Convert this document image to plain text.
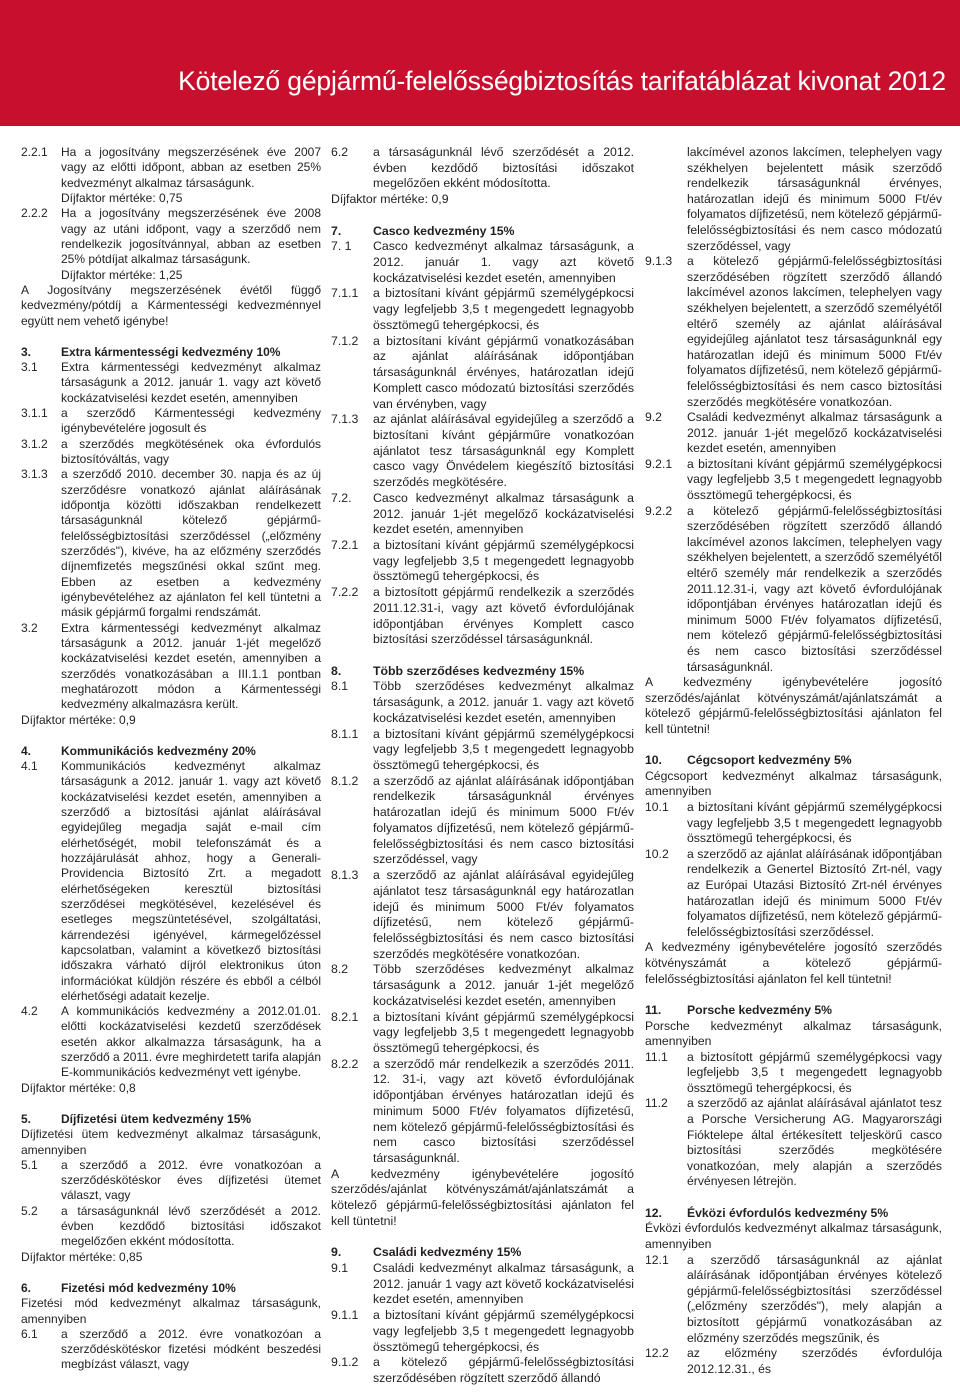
Kötelező gépjármű-felelősségbiztosítás tarifatáblázat kivonat 2012
2.2.1	Ha a jogosítvány megszerzésének éve 2007 vagy az előtti időpont, abban az esetben 25% kedvezményt alkalmaz társaságunk.
Díjfaktor mértéke: 0,75
2.2.2	Ha a jogosítvány megszerzésének éve 2008 vagy az utáni időpont, vagy a szerződő nem rendelkezik jogosítvánnyal, abban az esetben 25% pótdíjat alkalmaz társaságunk.
Díjfaktor mértéke: 1,25
A Jogosítvány megszerzésének évétől függő kedvezmény/pótdíj a Kármentességi kedvezménnyel együtt nem vehető igénybe!
3.	Extra kármentességi kedvezmény 10%
3.1	Extra kármentességi kedvezményt alkalmaz társaságunk a 2012. január 1. vagy azt követő kockázatviselési kezdet esetén, amennyiben
3.1.1	a szerződő Kármentességi kedvezmény igénybevételére jogosult és
3.1.2	a szerződés megkötésének oka évfordulós biztosítóváltás, vagy
3.1.3	a szerződő 2010. december 30. napja és az új szerződésre vonatkozó ajánlat aláírásának időpontja közötti időszakban rendelkezett társaságunknál kötelező gépjármű-felelősségbiztosítási szerződéssel („előzmény szerződés"), kivéve, ha az előzmény szerződés díjnemfizetés megszűnési okkal szűnt meg. Ebben az esetben a kedvezmény igénybevételéhez az ajánlaton fel kell tüntetni a másik gépjármű forgalmi rendszámát.
3.2	Extra kármentességi kedvezményt alkalmaz társaságunk a 2012. január 1-jét megelőző kockázatviselési kezdet esetén, amennyiben a szerződés vonatkozásában a III.1.1 pontban meghatározott módon a Kármentességi kedvezmény alkalmazásra került.
Díjfaktor mértéke: 0,9
4.	Kommunikációs kedvezmény 20%
4.1	Kommunikációs kedvezményt alkalmaz társaságunk a 2012. január 1. vagy azt követő kockázatviselési kezdet esetén, amennyiben a szerződő a biztosítási ajánlat aláírásával egyidejűleg megadja saját e-mail cím elérhetőségét, mobil telefonszámát és a hozzájárulását ahhoz, hogy a Generali-Providencia Biztosító Zrt. a megadott elérhetőségeken keresztül biztosítási szerződései megkötésével, kezelésével és esetleges megszüntetésével, szolgáltatási, kárrendezési igényével, kármegelőzéssel kapcsolatban, valamint a következő biztosítási időszakra várható díjról elektronikus úton információkat küldjön részére és ebből a célból elérhetőségi adatait kezelje.
4.2	A kommunikációs kedvezmény a 2012.01.01. előtti kockázatviselési kezdetű szerződések esetén akkor alkalmazza társaságunk, ha a szerződő a 2011. évre meghirdetett tarifa alapján E-kommunikációs kedvezményt vett igénybe.
Díjfaktor mértéke: 0,8
5.	Díjfizetési ütem kedvezmény 15%
Díjfizetési ütem kedvezményt alkalmaz társaságunk, amennyiben
5.1	a szerződő a 2012. évre vonatkozóan a szerződéskötéskor éves díjfizetési ütemet választ, vagy
5.2	a társaságunknál lévő szerződését a 2012. évben kezdődő biztosítási időszakot megelőzően ekként módosította.
Díjfaktor mértéke: 0,85
6.	Fizetési mód kedvezmény 10%
Fizetési mód kedvezményt alkalmaz társaságunk, amennyiben
6.1	a szerződő a 2012. évre vonatkozóan a szerződéskötéskor fizetési módként beszedési megbízást választ, vagy
6.2	a társaságunknál lévő szerződését a 2012. évben kezdődő biztosítási időszakot megelőzően ekként módosította.
Díjfaktor mértéke: 0,9
7.	Casco kedvezmény 15%
7. 1	Casco kedvezményt alkalmaz társaságunk, a 2012. január 1. vagy azt követő kockázatviselési kezdet esetén, amennyiben
7.1.1	a biztosítani kívánt gépjármű személygépkocsi vagy legfeljebb 3,5 t megengedett legnagyobb össztömegű tehergépkocsi, és
7.1.2	a biztosítani kívánt gépjármű vonatkozásában az ajánlat aláírásának időpontjában társaságunknál érvényes, határozatlan idejű Komplett casco módozatú biztosítási szerződés van érvényben, vagy
7.1.3	az ajánlat aláírásával egyidejűleg a szerződő a biztosítani kívánt gépjárműre vonatkozóan ajánlatot tesz társaságunknál egy Komplett casco vagy Önvédelem kiegészítő biztosítási szerződés megkötésére.
7.2.	Casco kedvezményt alkalmaz társaságunk a 2012. január 1-jét megelőző kockázatviselési kezdet esetén, amennyiben
7.2.1	a biztosítani kívánt gépjármű személygépkocsi vagy legfeljebb 3,5 t megengedett legnagyobb össztömegű tehergépkocsi, és
7.2.2	a biztosított gépjármű rendelkezik a szerződés 2011.12.31-i, vagy azt követő évfordulójának időpontjában érvényes Komplett casco biztosítási szerződéssel társaságunknál.
8.	Több szerződéses kedvezmény 15%
8.1	Több szerződéses kedvezményt alkalmaz társaságunk, a 2012. január 1. vagy azt követő kockázatviselési kezdet esetén, amennyiben
8.1.1	a biztosítani kívánt gépjármű személygépkocsi vagy legfeljebb 3,5 t megengedett legnagyobb össztömegű tehergépkocsi, és
8.1.2	a szerződő az ajánlat aláírásának időpontjában rendelkezik társaságunknál érvényes határozatlan idejű és minimum 5000 Ft/év folyamatos díjfizetésű, nem kötelező gépjármű-felelősségbiztosítási és nem casco biztosítási szerződéssel, vagy
8.1.3	a szerződő az ajánlat aláírásával egyidejűleg ajánlatot tesz társaságunknál egy határozatlan idejű és minimum 5000 Ft/év folyamatos díjfizetésű, nem kötelező gépjármű-felelősségbiztosítási és nem casco biztosítási szerződés megkötésére vonatkozóan.
8.2	Több szerződéses kedvezményt alkalmaz társaságunk a 2012. január 1-jét megelőző kockázatviselési kezdet esetén, amennyiben
8.2.1	a biztosítani kívánt gépjármű személygépkocsi vagy legfeljebb 3,5 t megengedett legnagyobb össztömegű tehergépkocsi, és
8.2.2	a szerződő már rendelkezik a szerződés 2011. 12. 31-i, vagy azt követő évfordulójának időpontjában érvényes határozatlan idejű és minimum 5000 Ft/év folyamatos díjfizetésű, nem kötelező gépjármű-felelősségbiztosítási és nem casco biztosítási szerződéssel társaságunknál.
A kedvezmény igénybevételére jogosító szerződés/ajánlat kötvényszámát/ajánlatszámát a kötelező gépjármű-felelősségbiztosítási ajánlaton fel kell tüntetni!
9.	Családi kedvezmény 15%
9.1	Családi kedvezményt alkalmaz társaságunk, a 2012. január 1 vagy azt követő kockázatviselési kezdet esetén, amennyiben
9.1.1	a biztosítani kívánt gépjármű személygépkocsi vagy legfeljebb 3,5 t megengedett legnagyobb össztömegű tehergépkocsi, és
9.1.2	a kötelező gépjármű-felelősségbiztosítási szerződésében rögzített szerződő állandó
lakcímével azonos lakcímen, telephelyen vagy székhelyen bejelentett másik szerződő rendelkezik társaságunknál érvényes, határozatlan idejű és minimum 5000 Ft/év folyamatos díjfizetésű, nem kötelező gépjármű-felelősségbiztosítási és nem casco módozatú szerződéssel, vagy
9.1.3	a kötelező gépjármű-felelősségbiztosítási szerződésében rögzített szerződő állandó lakcímével azonos lakcímen, telephelyen vagy székhelyen bejelentett, a szerződő személyétől eltérő személy az ajánlat aláírásával egyidejűleg ajánlatot tesz társaságunknál egy határozatlan idejű és minimum 5000 Ft/év folyamatos díjfizetésű, nem kötelező gépjármű-felelősségbiztosítási és nem casco biztosítási szerződés megkötésére vonatkozóan.
9.2	Családi kedvezményt alkalmaz társaságunk a 2012. január 1-jét megelőző kockázatviselési kezdet esetén, amennyiben
9.2.1	a biztosítani kívánt gépjármű személygépkocsi vagy legfeljebb 3,5 t megengedett legnagyobb össztömegű tehergépkocsi, és
9.2.2	a kötelező gépjármű-felelősségbiztosítási szerződésében rögzített szerződő állandó lakcímével azonos lakcímen, telephelyen vagy székhelyen bejelentett, a szerződő személyétől eltérő személy már rendelkezik a szerződés 2011.12.31-i, vagy azt követő évfordulójának időpontjában érvényes határozatlan idejű és minimum 5000 Ft/év folyamatos díjfizetésű, nem kötelező gépjármű-felelősségbiztosítási és nem casco biztosítási szerződéssel társaságunknál.
A kedvezmény igénybevételére jogosító szerződés/ajánlat kötvényszámát/ajánlatszámát a kötelező gépjármű-felelősségbiztosítási ajánlaton fel kell tüntetni!
10.	Cégcsoport kedvezmény 5%
Cégcsoport kedvezményt alkalmaz társaságunk, amennyiben
10.1	a biztosítani kívánt gépjármű személygépkocsi vagy legfeljebb 3,5 t megengedett legnagyobb össztömegű tehergépkocsi, és
10.2	a szerződő az ajánlat aláírásának időpontjában rendelkezik a Genertel Biztosító Zrt-nél, vagy az Európai Utazási Biztosító Zrt-nél érvényes határozatlan idejű és minimum 5000 Ft/év folyamatos díjfizetésű, nem kötelező gépjármű-felelősségbiztosítási szerződéssel.
A kedvezmény igénybevételére jogosító szerződés kötvényszámát a kötelező gépjármű-felelősségbiztosítási ajánlaton fel kell tüntetni!
11.	Porsche kedvezmény 5%
Porsche kedvezményt alkalmaz társaságunk, amennyiben
11.1	a biztosított gépjármű személygépkocsi vagy legfeljebb 3,5 t megengedett legnagyobb össztömegű tehergépkocsi, és
11.2	a szerződő az ajánlat aláírásával ajánlatot tesz a Porsche Versicherung AG. Magyarországi Fióktelepe által értékesített teljeskörű casco biztosítási szerződés megkötésére vonatkozóan, mely alapján a szerződés érvényesen létrejön.
12.	Évközi évfordulós kedvezmény 5%
Évközi évfordulós kedvezményt alkalmaz társaságunk, amennyiben
12.1	a szerződő társaságunknál az ajánlat aláírásának időpontjában érvényes kötelező gépjármű-felelősségbiztosítási szerződéssel („előzmény szerződés"), mely alapján a biztosított gépjármű vonatkozásában az előzmény szerződés megszűnik, és
12.2	az előzmény szerződés évfordulója 2012.12.31., és
